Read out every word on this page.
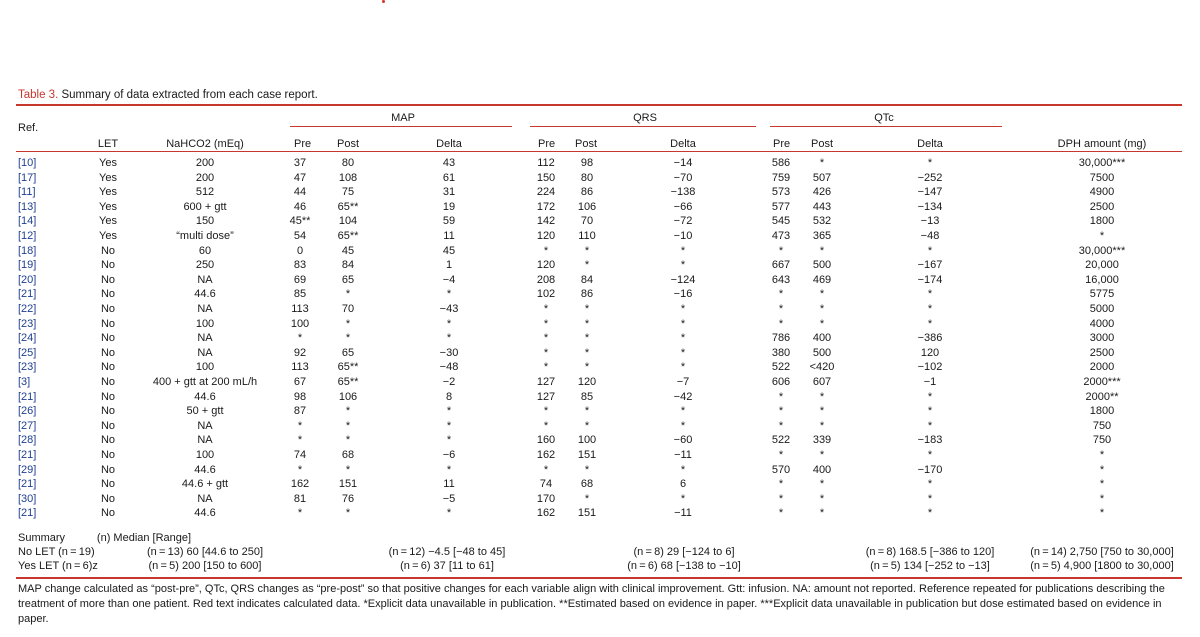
Table 3. Summary of data extracted from each case report.
Ref.
MAP	QRS	QTc
LET	NaHCO2 (mEq)	Pre Post	Delta	Pre Post	Delta	Pre Post	Delta	DPH amount (mg)
[10]	Yes	200	37	80	43	112 98	−14	586	*	*	30,000***
[17]	Yes	200	47	108	61	150 80	−70	759 507	−252	7500
[11]	Yes	512	44	75	31	224 86	−138	573 426	−147	4900
[13]	Yes	600 + gtt	46	65**	19	172 106	−66	577 443	−134	2500
[14]	Yes	150	45**	104	59	142 70	−72	545 532	−13	1800
[12]	Yes	“multi dose”	54	65**	11	120 110	−10	473 365	−48	*
[18]	No	60	0	45	45	*	*	*	*	*	*	30,000***
[19]	No	250	83	84	1	120	*	*	667 500	−167	20,000
[20]	No	NA	69	65	−4	208 84	−124	643 469	−174	16,000
[21]	No	44.6	85	*	*	102 86	−16	*	*	*	5775
[22]	No	NA	113	70	−43	*	*	*	*	*	*	5000
[23]	No	100	100	*	*	*	*	*	*	*	*	4000
[24]	No	NA	*	*	*	*	*	*	786 400	−386	3000
[25]	No	NA	92	65	−30	*	*	*	380 500	120	2500
[23]	No	100	113	65**	−48	*	*	*	522 <420	−102	2000
[3]	No	400 + gtt at 200 mL/h	67	65**	−2	127 120	−7	606 607	−1	2000***
[21]	No	44.6	98	106	8	127 85	−42	*	*	*	2000**
[26]	No	50 + gtt	87	*	*	*	*	*	*	*	*	1800
[27]	No	NA	*	*	*	*	*	*	*	*	*	750
[28]	No	NA	*	*	*	160 100	−60	522 339	−183	750
[21]	No	100	74	68	−6	162 151	−11	*	*	*	*
[29]	No	44.6	*	*	*	*	*	*	570 400	−170	*
[21]	No	44.6 + gtt	162	151	11	74	68	6	*	*	*	*
[30]	No	NA	81	76	−5	170	*	*	*	*	*	*
[21]	No	44.6	*	*	*	162 151	−11	*	*	*	*
Summary	(n) Median [Range]
No LET (n = 19)	(n = 13) 60 [44.6 to 250]	(n = 12) −4.5 [−48 to 45]	(n = 8) 29 [−124 to 6]	(n = 8) 168.5 [−386 to 120]	(n = 14) 2,750 [750 to 30,000]
Yes LET (n = 6)z	(n = 5) 200 [150 to 600]	(n = 6) 37 [11 to 61]	(n = 6) 68 [−138 to −10]	(n = 5) 134 [−252 to −13]	(n = 5) 4,900 [1800 to 30,000]
MAP change calculated as “post-pre”, QTc, QRS changes as “pre-post” so that positive changes for each variable align with clinical improvement. Gtt: infusion. NA: amount not reported. Reference repeated for publications describing the treatment of more than one patient. Red text indicates calculated data. *Explicit data unavailable in publication. **Estimated based on evidence in paper. ***Explicit data unavailable in publication but dose estimated based on evidence in paper.
